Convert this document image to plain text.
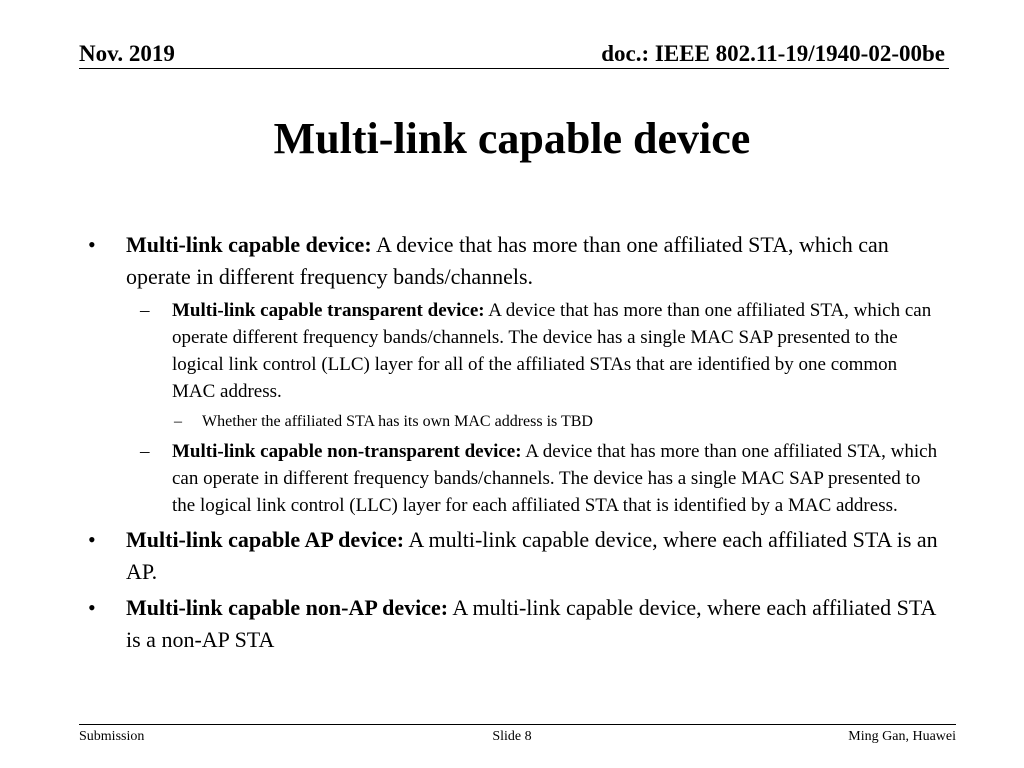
Nov. 2019	doc.: IEEE 802.11-19/1940-02-00be
Multi-link capable device
• Multi-link capable device: A device that has more than one affiliated STA, which can operate in different frequency bands/channels.
– Multi-link capable transparent device: A device that has more than one affiliated STA, which can operate different frequency bands/channels. The device has a single MAC SAP presented to the logical link control (LLC) layer for all of the affiliated STAs that are identified by one common MAC address.
– Whether the affiliated STA has its own MAC address is TBD
– Multi-link capable non-transparent device: A device that has more than one affiliated STA, which can operate in different frequency bands/channels. The device has a single MAC SAP presented to the logical link control (LLC) layer for each affiliated STA that is identified by a MAC address.
• Multi-link capable AP device: A multi-link capable device, where each affiliated STA is an AP.
• Multi-link capable non-AP device: A multi-link capable device, where each affiliated STA is a non-AP STA
Submission	Slide 8	Ming Gan, Huawei
